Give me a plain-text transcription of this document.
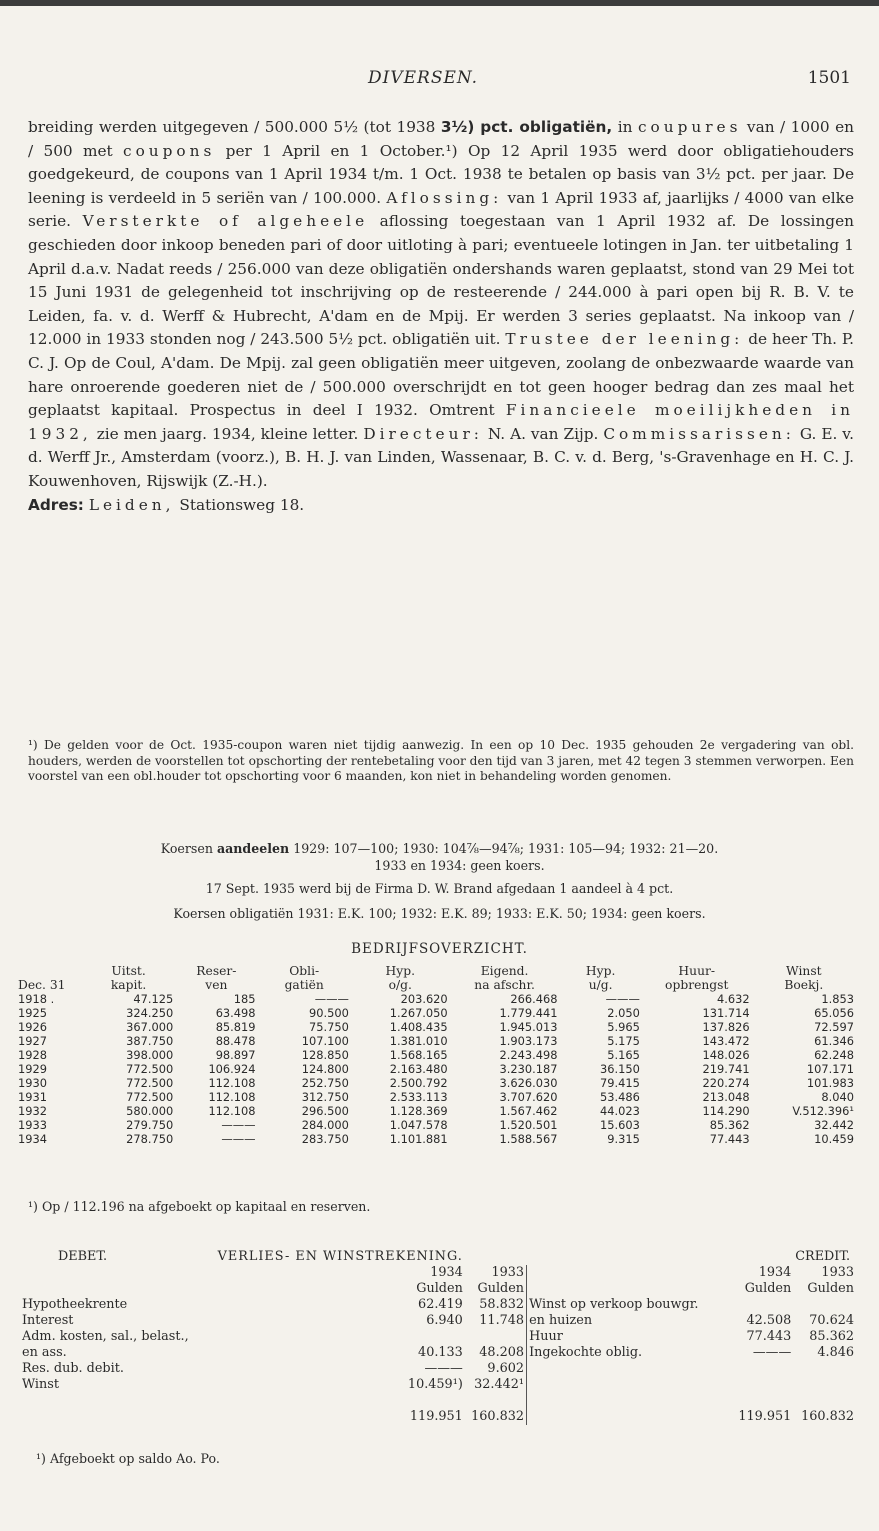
DIVERSEN.	1501

breiding werden uitgegeven / 500.000 5½ (tot 1938 3½) pct. obligatiën, in coupures van / 1000 en / 500 met coupons per 1 April en 1 October.¹) Op 12 April 1935 werd door obligatiehouders goedgekeurd, de coupons van 1 April 1934 t/m. 1 Oct. 1938 te betalen op basis van 3½ pct. per jaar. De leening is verdeeld in 5 seriën van / 100.000. Aflossing: van 1 April 1933 af, jaarlijks / 4000 van elke serie. Versterkte of algeheele aflossing toegestaan van 1 April 1932 af. De lossingen geschieden door inkoop beneden pari of door uitloting à pari; eventueele lotingen in Jan. ter uitbetaling 1 April d.a.v. Nadat reeds / 256.000 van deze obligatiën ondershands waren geplaatst, stond van 29 Mei tot 15 Juni 1931 de gelegenheid tot inschrijving op de resteerende / 244.000 à pari open bij R. B. V. te Leiden, fa. v. d. Werff & Hubrecht, A'dam en de Mpij. Er werden 3 series geplaatst. Na inkoop van / 12.000 in 1933 stonden nog / 243.500 5½ pct. obligatiën uit. Trustee der leening: de heer Th. P. C. J. Op de Coul, A'dam. De Mpij. zal geen obligatiën meer uitgeven, zoolang de onbezwaarde waarde van hare onroerende goederen niet de / 500.000 overschrijdt en tot geen hooger bedrag dan zes maal het geplaatst kapitaal. Prospectus in deel I 1932. Omtrent Financieele moeilijkheden in 1932, zie men jaarg. 1934, kleine letter. Directeur: N. A. van Zijp. Commissarissen: G. E. v. d. Werff Jr., Amsterdam (voorz.), B. H. J. van Linden, Wassenaar, B. C. v. d. Berg, 's-Gravenhage en H. C. J. Kouwenhoven, Rijswijk (Z.-H.).

Adres: Leiden, Stationsweg 18.

¹) De gelden voor de Oct. 1935-coupon waren niet tijdig aanwezig. In een op 10 Dec. 1935 gehouden 2e vergadering van obl. houders, werden de voorstellen tot opschorting der rentebetaling voor den tijd van 3 jaren, met 42 tegen 3 stemmen verworpen. Een voorstel van een obl.houder tot opschorting voor 6 maanden, kon niet in behandeling worden genomen.
Koersen aandeelen 1929: 107—100; 1930: 104⅞—94⅞; 1931: 105—94; 1932: 21—20.
1933 en 1934: geen koers.
17 Sept. 1935 werd bij de Firma D. W. Brand afgedaan 1 aandeel à 4 pct.
Koersen obligatiën 1931: E.K. 100; 1932: E.K. 89; 1933: E.K. 50; 1934: geen koers.
BEDRIJFSOVERZICHT.
	Uitst.	Reser-	Obli-	Hyp.	Eigend.	Hyp.	Huur-	Winst
Dec. 31	kapit.	ven	gatiën	o/g.	na afschr.	u/g.	opbrengst	Boekj.
1918 .	47.125	185	———	203.620	266.468	———	4.632	1.853
1925	324.250	63.498	90.500	1.267.050	1.779.441	2.050	131.714	65.056
1926	367.000	85.819	75.750	1.408.435	1.945.013	5.965	137.826	72.597
1927	387.750	88.478	107.100	1.381.010	1.903.173	5.175	143.472	61.346
1928	398.000	98.897	128.850	1.568.165	2.243.498	5.165	148.026	62.248
1929	772.500	106.924	124.800	2.163.480	3.230.187	36.150	219.741	107.171
1930	772.500	112.108	252.750	2.500.792	3.626.030	79.415	220.274	101.983
1931	772.500	112.108	312.750	2.533.113	3.707.620	53.486	213.048	8.040
1932	580.000	112.108	296.500	1.128.369	1.567.462	44.023	114.290	V.512.396¹
1933	279.750	———	284.000	1.047.578	1.520.501	15.603	85.362	32.442
1934	278.750	———	283.750	1.101.881	1.588.567	9.315	77.443	10.459
¹) Op / 112.196 na afgeboekt op kapitaal en reserven.
DEBET.	VERLIES- EN WINSTREKENING.				CREDIT.
	1934	1933		1934	1933
	Gulden	Gulden		Gulden	Gulden
Hypotheekrente	62.419	58.832	Winst op verkoop bouwgr.		
Interest	6.940	11.748	en huizen	42.508	70.624
Adm. kosten, sal., belast.,			Huur	77.443	85.362
en ass.	40.133	48.208	Ingekochte oblig.	———	4.846
Res. dub. debit.	———	9.602			
Winst	10.459¹)	32.442¹			

	119.951	160.832		119.951	160.832
¹) Afgeboekt op saldo Ao. Po.
